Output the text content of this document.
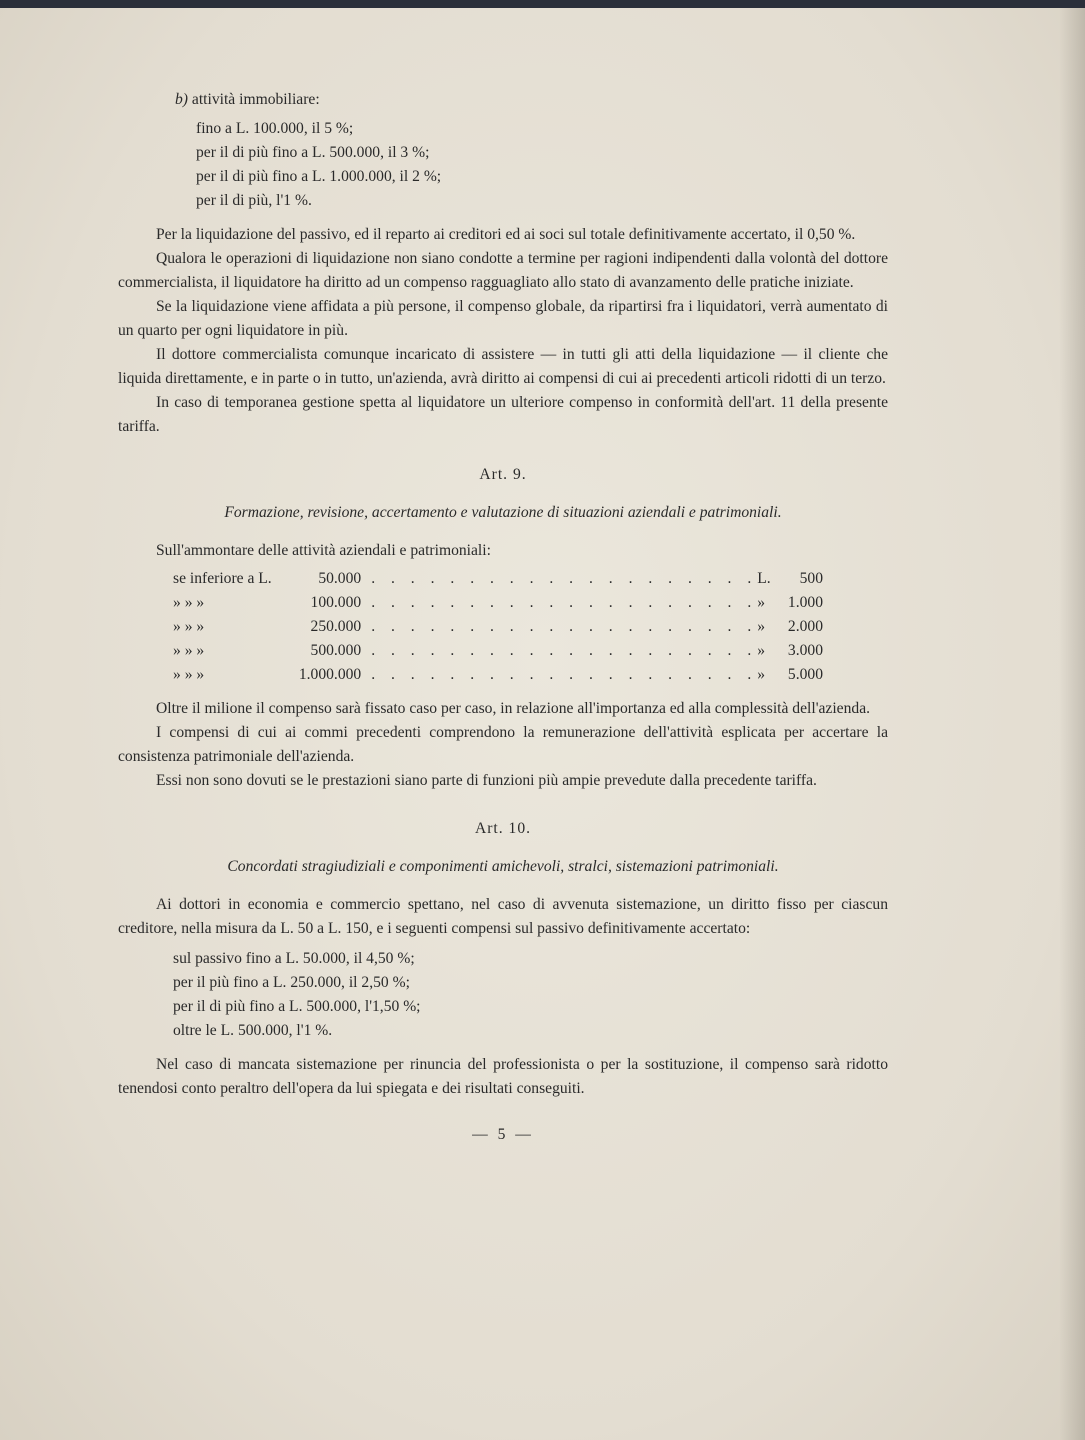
b) attività immobiliare:

fino a L. 100.000, il 5 %;
per il di più fino a L. 500.000, il 3 %;
per il di più fino a L. 1.000.000, il 2 %;
per il di più, l'1 %.

Per la liquidazione del passivo, ed il reparto ai creditori ed ai soci sul totale definitivamente accertato, il 0,50 %.

Qualora le operazioni di liquidazione non siano condotte a termine per ragioni indipendenti dalla volontà del dottore commercialista, il liquidatore ha diritto ad un compenso ragguagliato allo stato di avanzamento delle pratiche iniziate.

Se la liquidazione viene affidata a più persone, il compenso globale, da ripartirsi fra i liquidatori, verrà aumentato di un quarto per ogni liquidatore in più.

Il dottore commercialista comunque incaricato di assistere — in tutti gli atti della liquidazione — il cliente che liquida direttamente, e in parte o in tutto, un'azienda, avrà diritto ai compensi di cui ai precedenti articoli ridotti di un terzo.

In caso di temporanea gestione spetta al liquidatore un ulteriore compenso in conformità dell'art. 11 della presente tariffa.

Art. 9.

Formazione, revisione, accertamento e valutazione di situazioni aziendali e patrimoniali.

Sull'ammontare delle attività aziendali e patrimoniali:

se inferiore a L.	50.000 . . . . . . . . . . . . . . . . . . . . L.	500
» » »	100.000 . . . . . . . . . . . . . . . . . . . . »	1.000
» » »	250.000 . . . . . . . . . . . . . . . . . . . . »	2.000
» » »	500.000 . . . . . . . . . . . . . . . . . . . . »	3.000
» » »	1.000.000 . . . . . . . . . . . . . . . . . . . . »	5.000

Oltre il milione il compenso sarà fissato caso per caso, in relazione all'importanza ed alla complessità dell'azienda.

I compensi di cui ai commi precedenti comprendono la remunerazione dell'attività esplicata per accertare la consistenza patrimoniale dell'azienda.

Essi non sono dovuti se le prestazioni siano parte di funzioni più ampie prevedute dalla precedente tariffa.

Art. 10.

Concordati stragiudiziali e componimenti amichevoli, stralci, sistemazioni patrimoniali.

Ai dottori in economia e commercio spettano, nel caso di avvenuta sistemazione, un diritto fisso per ciascun creditore, nella misura da L. 50 a L. 150, e i seguenti compensi sul passivo definitivamente accertato:

sul passivo fino a L. 50.000, il 4,50 %;
per il più fino a L. 250.000, il 2,50 %;
per il di più fino a L. 500.000, l'1,50 %;
oltre le L. 500.000, l'1 %.

Nel caso di mancata sistemazione per rinuncia del professionista o per la sostituzione, il compenso sarà ridotto tenendosi conto peraltro dell'opera da lui spiegata e dei risultati conseguiti.

— 5 —
